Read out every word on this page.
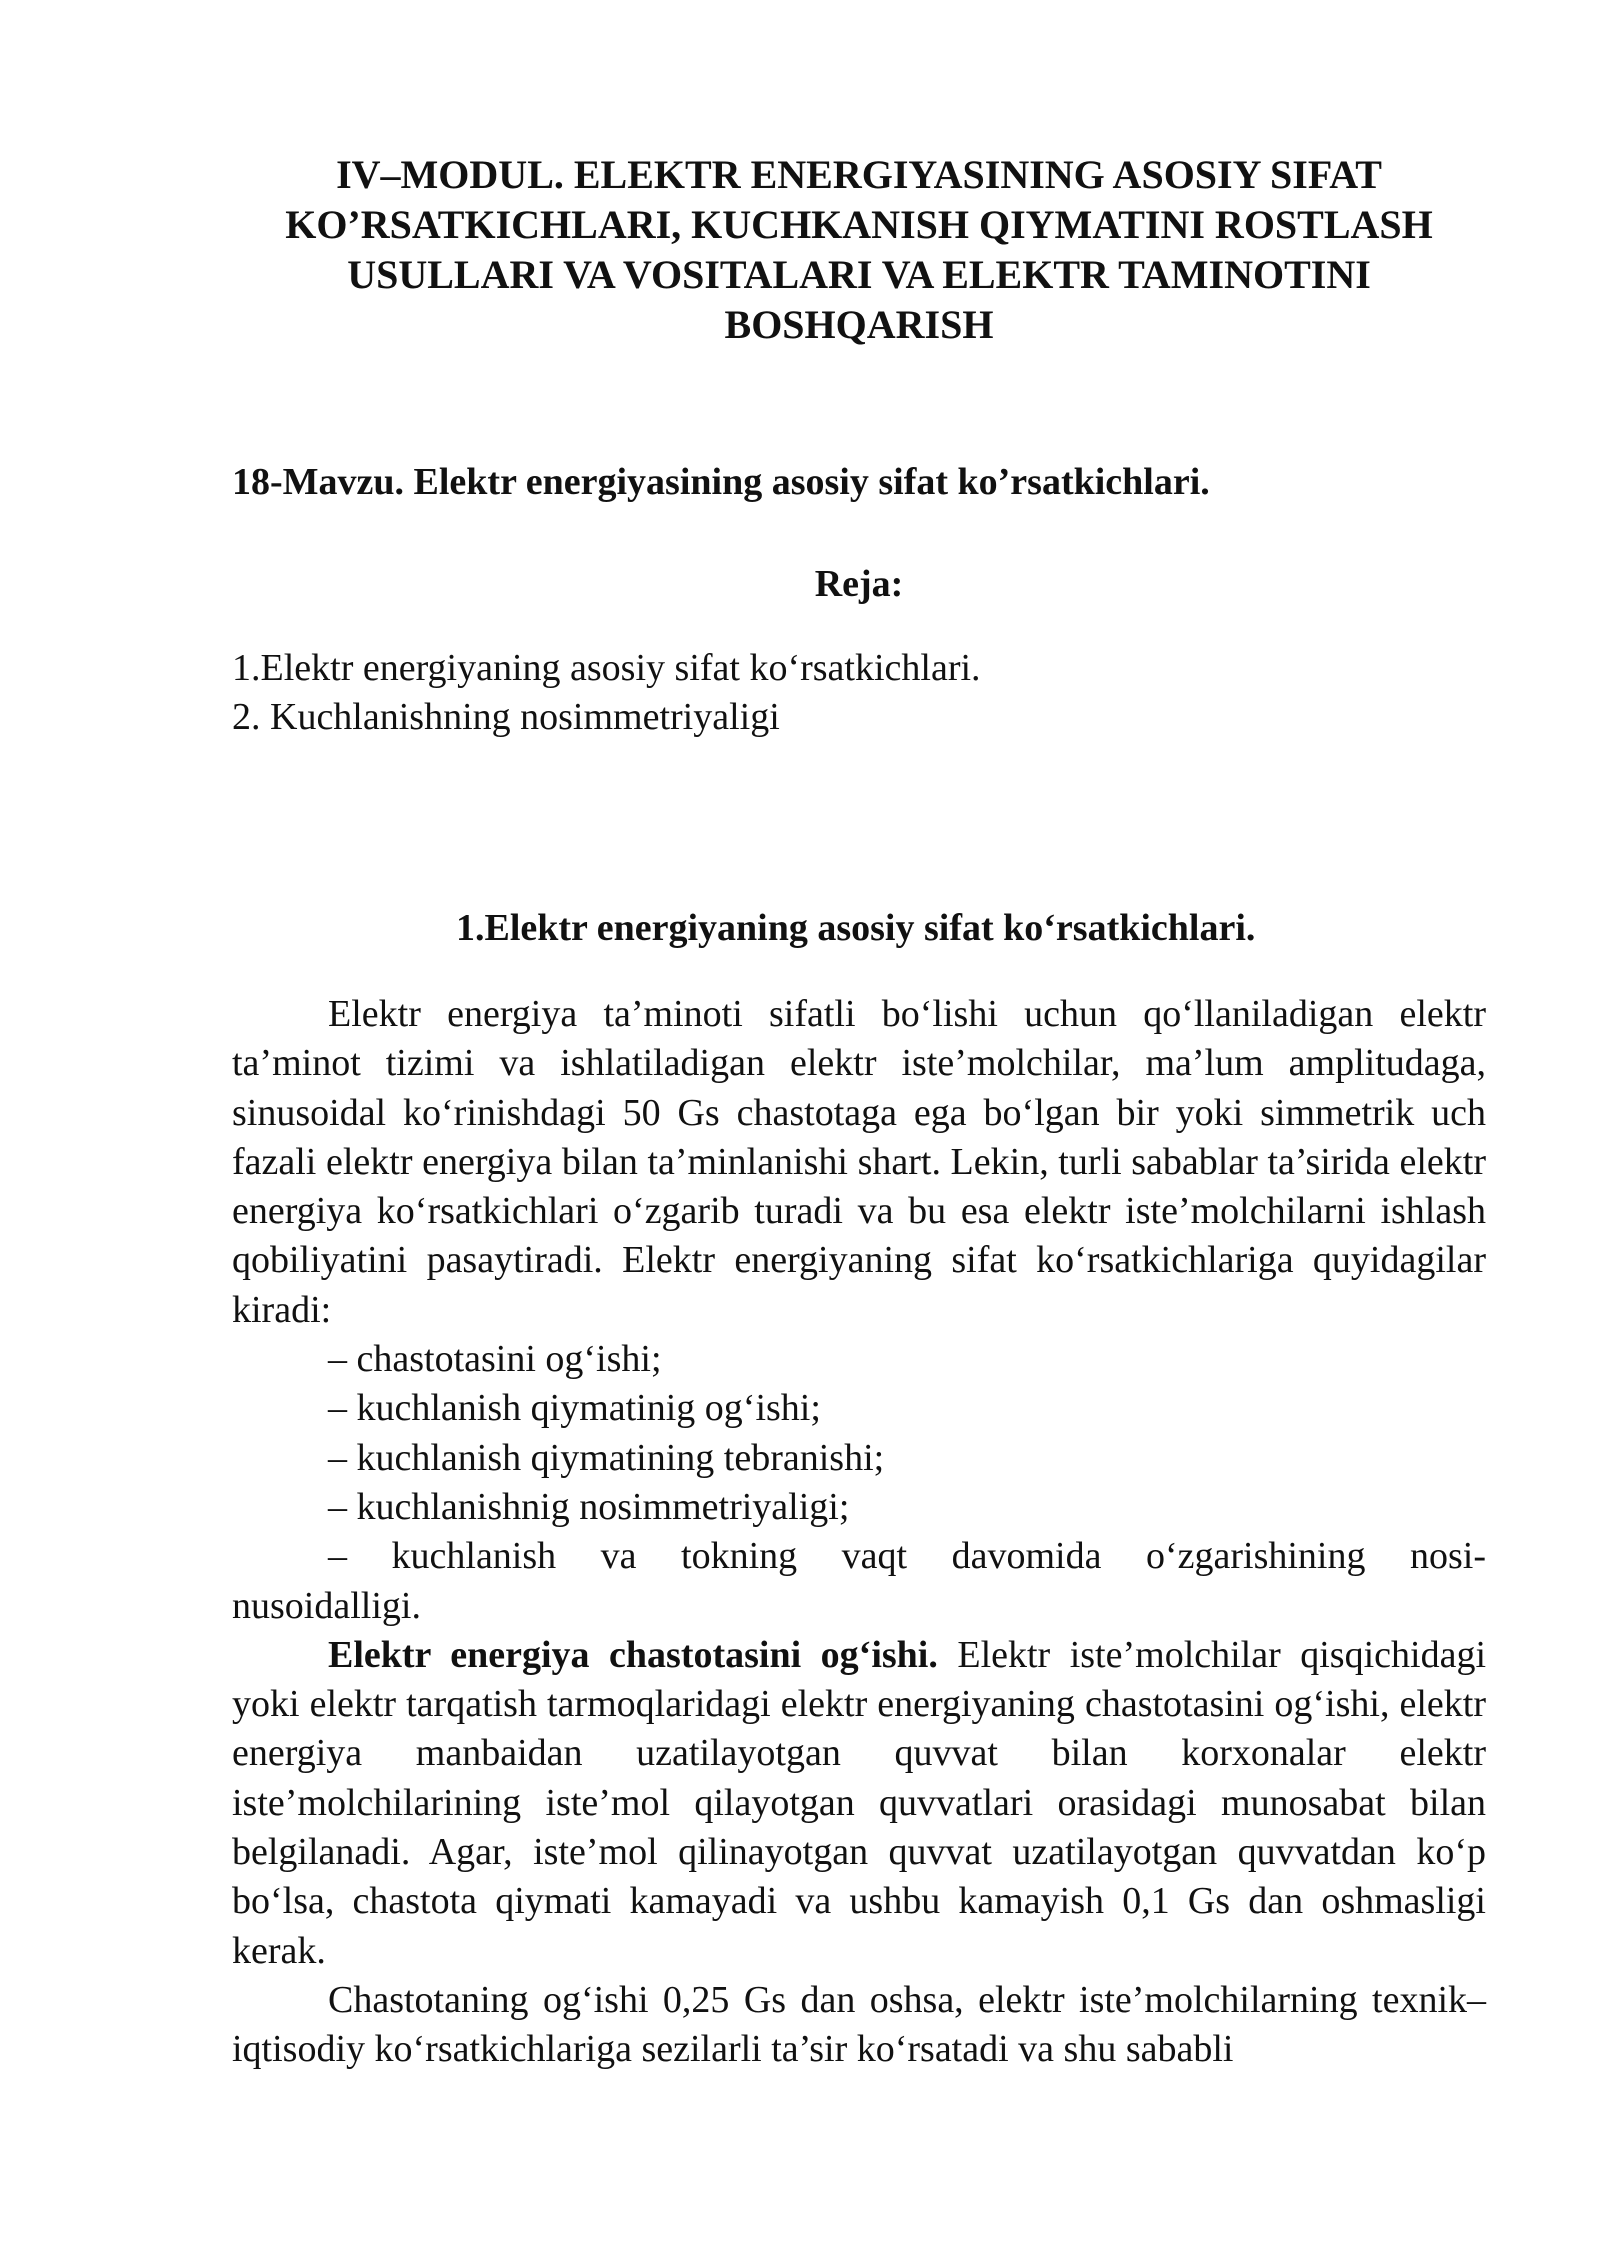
IV–MODUL. ELEKTR ENERGIYASINING ASOSIY SIFAT
KO’RSATKICHLARI, KUCHKANISH QIYMATINI ROSTLASH
USULLARI VA VOSITALARI VA ELEKTR TAMINOTINI
BOSHQARISH
18-Mavzu. Elektr energiyasining asosiy sifat ko’rsatkichlari.
Reja:
1.Elektr energiyaning asosiy sifat ko‘rsatkichlari.
2. Kuchlanishning nosimmetriyaligi
1.Elektr energiyaning asosiy sifat ko‘rsatkichlari.

Elektr energiya ta’minoti sifatli bo‘lishi uchun qo‘llaniladigan elektr ta’minot tizimi va ishlatiladigan elektr iste’molchilar, ma’lum amplitudaga, sinusoidal ko‘rinishdagi 50 Gs chastotaga ega bo‘lgan bir yoki simmetrik uch fazali elektr energiya bilan ta’minlanishi shart. Lekin, turli sabablar ta’sirida elektr energiya ko‘rsatkichlari o‘zgarib turadi va bu esa elektr iste’molchilarni ishlash qobiliyatini pasaytiradi. Elektr energiyaning sifat ko‘rsatkichlariga quyidagilar kiradi:

– chastotasini og‘ishi;
– kuchlanish qiymatinig og‘ishi;
– kuchlanish qiymatining tebranishi;
– kuchlanishnig nosimmetriyaligi;

– kuchlanish va tokning vaqt davomida o‘zgarishining nosi-

nusoidalligi.

Elektr energiya chastotasini og‘ishi. Elektr iste’molchilar qisqichidagi yoki elektr tarqatish tarmoqlaridagi elektr energiyaning chastotasini og‘ishi, elektr energiya manbaidan uzatilayotgan quvvat bilan korxonalar elektr iste’molchilarining iste’mol qilayotgan quvvatlari orasidagi munosabat bilan belgilanadi. Agar, iste’mol qilinayotgan quvvat uzatilayotgan quvvatdan ko‘p bo‘lsa, chastota qiymati kamayadi va ushbu kamayish 0,1 Gs dan oshmasligi kerak.

Chastotaning og‘ishi 0,25 Gs dan oshsa, elektr iste’molchilarning texnik–iqtisodiy ko‘rsatkichlariga sezilarli ta’sir ko‘rsatadi va shu sababli
